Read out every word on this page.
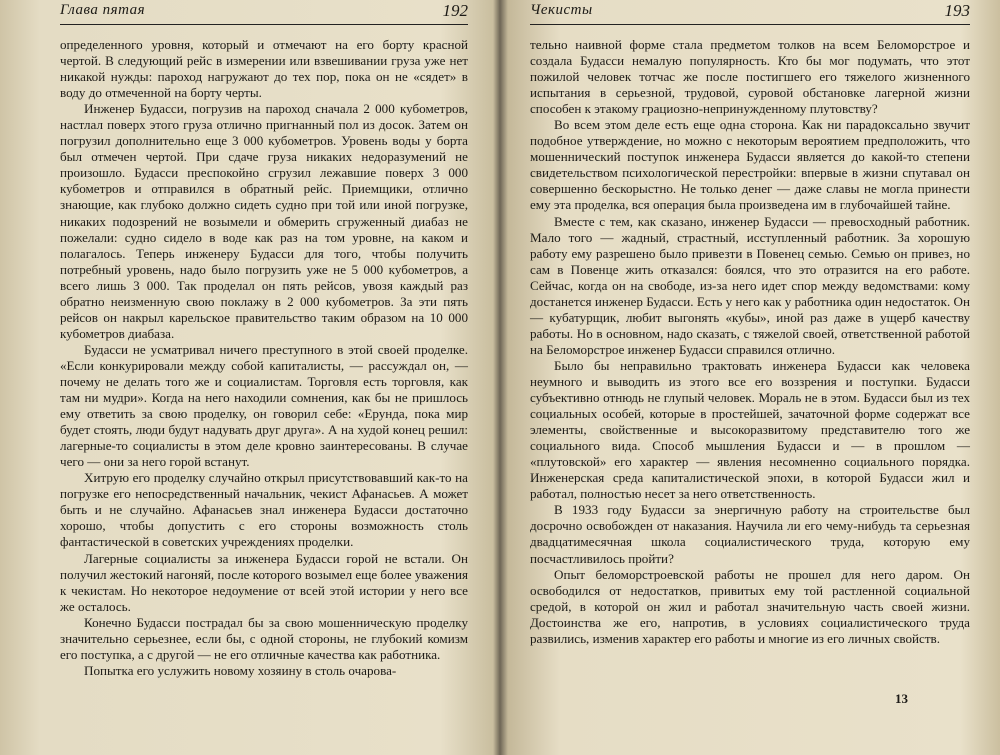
Глава пятая	192

определенного уровня, который и отмечают на его борту красной чертой. В следующий рейс в измерении или взвешивании груза уже нет никакой нужды: пароход нагружают до тех пор, пока он не «сядет» в воду до отмеченной на борту черты.

Инженер Будасси, погрузив на пароход сначала 2 000 кубометров, настлал поверх этого груза отлично пригнанный пол из досок. Затем он погрузил дополнительно еще 3 000 кубометров. Уровень воды у борта был отмечен чертой. При сдаче груза никаких недоразумений не произошло. Будасси преспокойно сгрузил лежавшие поверх 3 000 кубометров и отправился в обратный рейс. Приемщики, отлично знающие, как глубоко должно сидеть судно при той или иной погрузке, никаких подозрений не возымели и обмерить сгруженный диабаз не пожелали: судно сидело в воде как раз на том уровне, на каком и полагалось. Теперь инженеру Будасси для того, чтобы получить потребный уровень, надо было погрузить уже не 5 000 кубометров, а всего лишь 3 000. Так проделал он пять рейсов, увозя каждый раз обратно неизменную свою поклажу в 2 000 кубометров. За эти пять рейсов он накрыл карельское правительство таким образом на 10 000 кубометров диабаза.

Будасси не усматривал ничего преступного в этой своей проделке. «Если конкурировали между собой капиталисты, — рассуждал он, — почему не делать того же и социалистам. Торговля есть торговля, как там ни мудри». Когда на него находили сомнения, как бы не пришлось ему ответить за свою проделку, он говорил себе: «Ерунда, пока мир будет стоять, люди будут надувать друг друга». А на худой конец решил: лагерные-то социалисты в этом деле кровно заинтересованы. В случае чего — они за него горой встанут.

Хитрую его проделку случайно открыл присутствовавший как-то на погрузке его непосредственный начальник, чекист Афанасьев. А может быть и не случайно. Афанасьев знал инженера Будасси достаточно хорошо, чтобы допустить с его стороны возможность столь фантастической в советских учреждениях проделки.

Лагерные социалисты за инженера Будасси горой не встали. Он получил жестокий нагоняй, после которого возымел еще более уважения к чекистам. Но некоторое недоумение от всей этой истории у него все же осталось.

Конечно Будасси пострадал бы за свою мошенническую проделку значительно серьезнее, если бы, с одной стороны, не глубокий комизм его поступка, а с другой — не его отличные качества как работника.

Попытка его услужить новому хозяину в столь очарова-

Чекисты	193

тельно наивной форме стала предметом толков на всем Беломорстрое и создала Будасси немалую популярность. Кто бы мог подумать, что этот пожилой человек тотчас же после постигшего его тяжелого жизненного испытания в серьезной, трудовой, суровой обстановке лагерной жизни способен к этакому грациозно-непринужденному плутовству?

Во всем этом деле есть еще одна сторона. Как ни парадоксально звучит подобное утверждение, но можно с некоторым вероятием предположить, что мошеннический поступок инженера Будасси является до какой-то степени свидетельством психологической перестройки: впервые в жизни спутавал он совершенно бескорыстно. Не только денег — даже славы не могла принести ему эта проделка, вся операция была произведена им в глубочайшей тайне.

Вместе с тем, как сказано, инженер Будасси — превосходный работник. Мало того — жадный, страстный, исступленный работник. За хорошую работу ему разрешено было привезти в Повенец семью. Семью он привез, но сам в Повенце жить отказался: боялся, что это отразится на его работе. Сейчас, когда он на свободе, из-за него идет спор между ведомствами: кому достанется инженер Будасси. Есть у него как у работника один недостаток. Он — кубатурщик, любит выгонять «кубы», иной раз даже в ущерб качеству работы. Но в основном, надо сказать, с тяжелой своей, ответственной работой на Беломорстрое инженер Будасси справился отлично.

Было бы неправильно трактовать инженера Будасси как человека неумного и выводить из этого все его воззрения и поступки. Будасси субъективно отнюдь не глупый человек. Мораль не в этом. Будасси был из тех социальных особей, которые в простейшей, зачаточной форме содержат все элементы, свойственные и высокоразвитому представителю того же социального вида. Способ мышления Будасси и — в прошлом — «плутовской» его характер — явления несомненно социального порядка. Инженерская среда капиталистической эпохи, в которой Будасси жил и работал, полностью несет за него ответственность.

В 1933 году Будасси за энергичную работу на строительстве был досрочно освобожден от наказания. Научила ли его чему-нибудь та серьезная двадцатимесячная школа социалистического труда, которую ему посчастливилось пройти?

Опыт беломорстроевской работы не прошел для него даром. Он освободился от недостатков, привитых ему той растленной социальной средой, в которой он жил и работал значительную часть своей жизни. Достоинства же его, напротив, в условиях социалистического труда развились, изменив характер его работы и многие из его личных свойств.

13
